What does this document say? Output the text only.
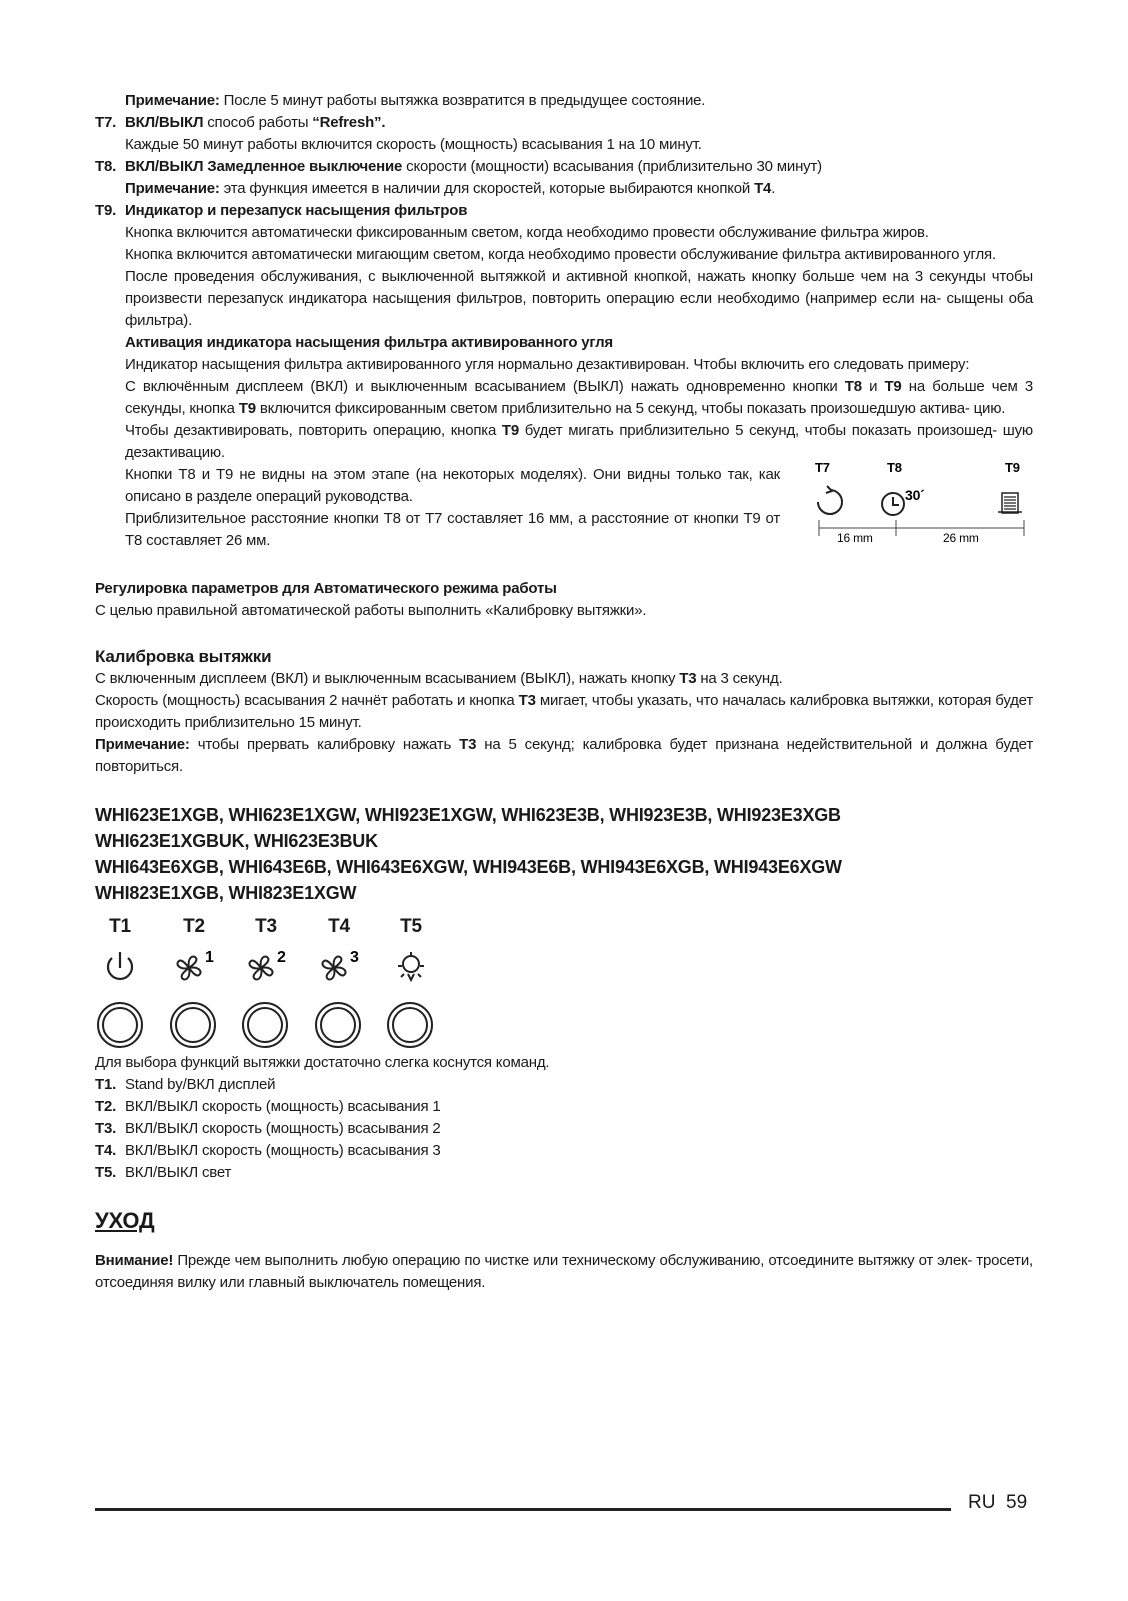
Примечание: После 5 минут работы вытяжка возвратится в предыдущее состояние.
T7. ВКЛ/ВЫКЛ способ работы “Refresh”.
Каждые 50 минут работы включится скорость (мощность) всасывания 1 на 10 минут.
T8. ВКЛ/ВЫКЛ Замедленное выключение скорости (мощности) всасывания (приблизительно 30 минут)
Примечание: эта функция имеется в наличии для скоростей, которые выбираются кнопкой T4.
T9. Индикатор и перезапуск насыщения фильтров
Кнопка включится автоматически фиксированным светом, когда необходимо провести обслуживание фильтра жиров.
Кнопка включится автоматически мигающим светом, когда необходимо провести обслуживание фильтра активированного угля.
После проведения обслуживания, с выключенной вытяжкой и активной кнопкой, нажать кнопку больше чем на 3 секунды чтобы произвести перезапуск индикатора насыщения фильтров, повторить операцию если необходимо (например если на- сыщены оба фильтра).
Активация индикатора насыщения фильтра активированного угля
Индикатор насыщения фильтра активированного угля нормально дезактивирован. Чтобы включить его следовать примеру:
С включённым дисплеем (ВКЛ) и выключенным всасыванием (ВЫКЛ) нажать одновременно кнопки T8 и T9 на больше чем 3 секунды, кнопка T9 включится фиксированным светом приблизительно на 5 секунд, чтобы показать произошедшую актива- цию.
Чтобы дезактивировать, повторить операцию, кнопка T9 будет мигать приблизительно 5 секунд, чтобы показать произошед- шую дезактивацию.
Кнопки T8 и T9 не видны на этом этапе (на некоторых моделях). Они видны только так, как описано в разделе операций руководства.
Приблизительное расстояние кнопки T8 от T7 составляет 16 мм, а расстояние от кнопки T9 от T8 составляет 26 мм.
T7	T8	T9
30´
16 mm	26 mm
Регулировка параметров для Автоматического режима работы
С целью правильной автоматической работы выполнить «Калибровку вытяжки».
Калибровка вытяжки
С включенным дисплеем (ВКЛ) и выключенным всасыванием (ВЫКЛ), нажать кнопку T3 на 3 секунд.
Скорость (мощность) всасывания 2 начнёт работать и кнопка T3 мигает, чтобы указать, что началась калибровка вытяжки, которая будет происходить приблизительно 15 минут.
Примечание: чтобы прервать калибровку нажать T3 на 5 секунд; калибровка будет признана недействительной и должна будет повториться.
WHI623E1XGB, WHI623E1XGW, WHI923E1XGW, WHI623E3B, WHI923E3B, WHI923E3XGB
WHI623E1XGBUK, WHI623E3BUK
WHI643E6XGB, WHI643E6B, WHI643E6XGW, WHI943E6B, WHI943E6XGB, WHI943E6XGW
WHI823E1XGB, WHI823E1XGW
T1	T2	T3	T4	T5
1	2	3
Для выбора функций вытяжки достаточно слегка коснутся команд.
T1. Stand by/ВКЛ дисплей
T2. ВКЛ/ВЫКЛ скорость (мощность) всасывания 1
T3. ВКЛ/ВЫКЛ скорость (мощность) всасывания 2
T4. ВКЛ/ВЫКЛ скорость (мощность) всасывания 3
T5. ВКЛ/ВЫКЛ свет
УХОД
Внимание! Прежде чем выполнить любую операцию по чистке или техническому обслуживанию, отсоедините вытяжку от элек- тросети, отсоединяя вилку или главный выключатель помещения.
RU 59
